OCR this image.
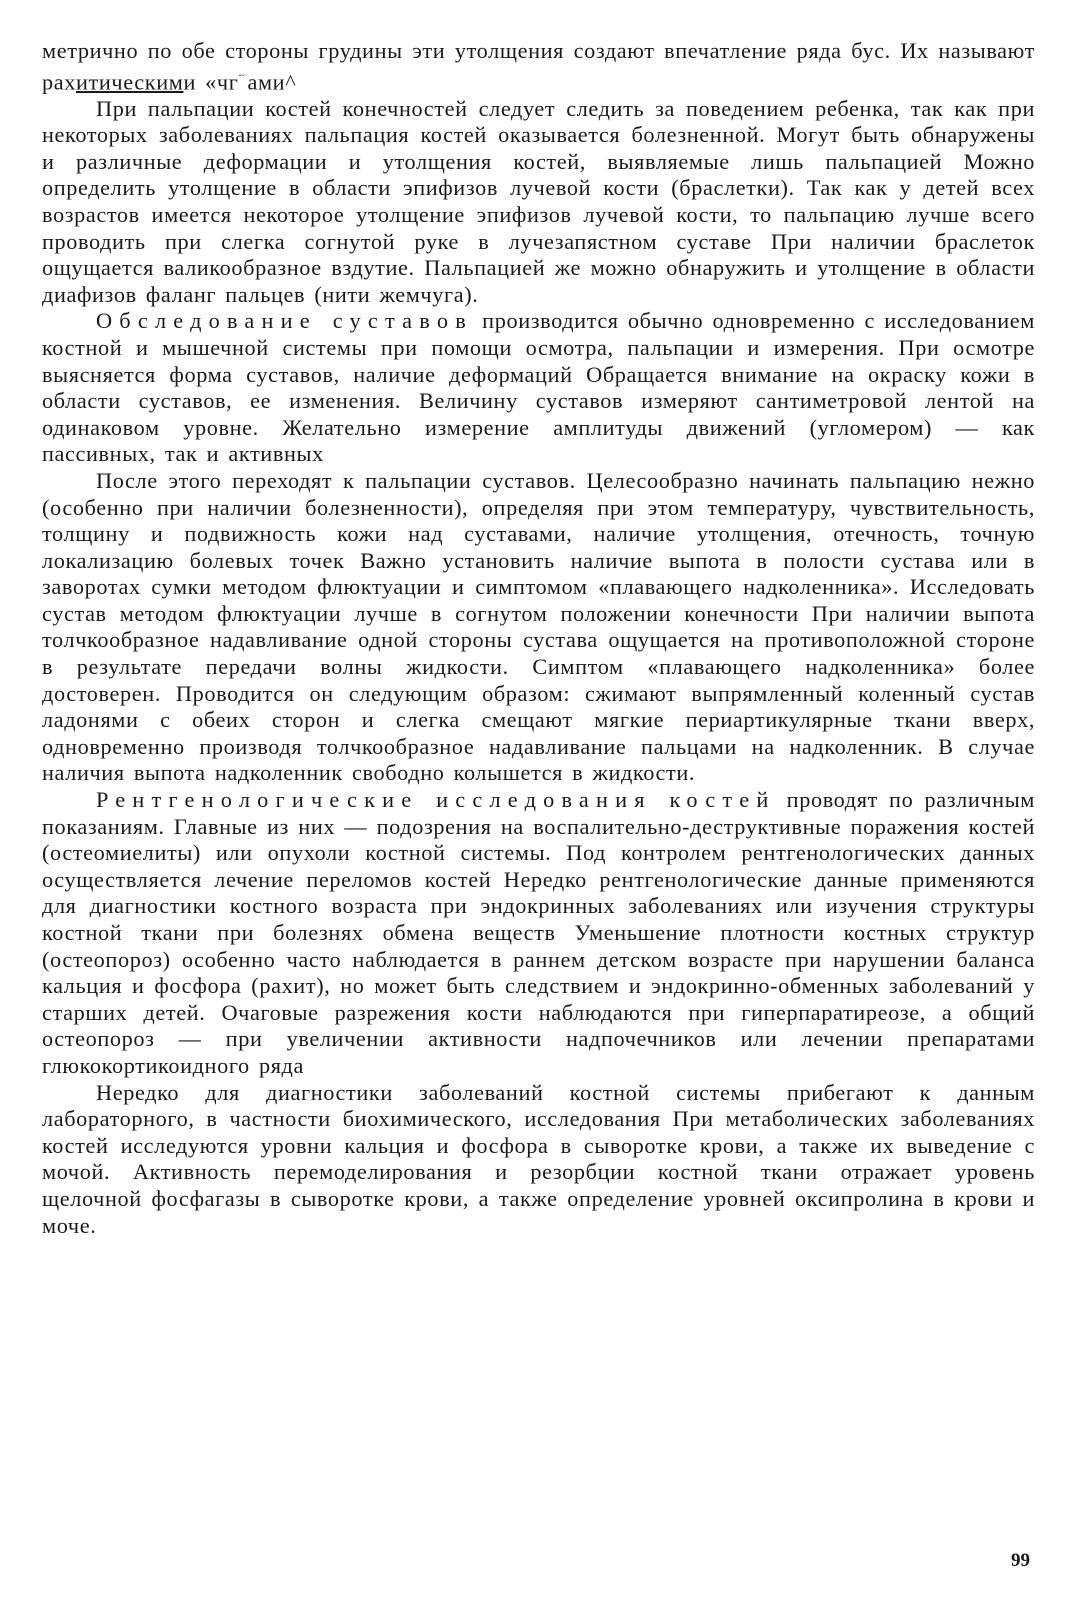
метрично по обе стороны грудины эти утолщения создают впечатление ряда бус. Их называют рахитическими «$чг^{ˇ˘˙}ами\^{}$

При пальпации костей конечностей следует следить за поведением ребенка, так как при некоторых заболеваниях пальпация костей оказывается болезненной. Могут быть обнаружены и различные деформации и утолщения костей, выявляемые лишь пальпацией Можно определить утолщение в области эпифизов лучевой кости (браслетки). Так как у детей всех возрастов имеется некоторое утолщение эпифизов лучевой кости, то пальпацию лучше всего проводить при слегка согнутой руке в лучезапястном суставе При наличии браслеток ощущается валикообразное вздутие. Пальпацией же можно обнаружить и утолщение в области диафизов фаланг пальцев (нити жемчуга).

Обследование суставов производится обычно одновременно с исследованием костной и мышечной системы при помощи осмотра, пальпации и измерения. При осмотре выясняется форма суставов, наличие деформаций Обращается внимание на окраску кожи в области суставов, ее изменения. Величину суставов измеряют сантиметровой лентой на одинаковом уровне. Желательно измерение амплитуды движений (угломером) — как пассивных, так и активных

После этого переходят к пальпации суставов. Целесообразно начинать пальпацию нежно (особенно при наличии болезненности), определяя при этом температуру, чувствительность, толщину и подвижность кожи над суставами, наличие утолщения, отечность, точную локализацию болевых точек Важно установить наличие выпота в полости сустава или в заворотах сумки методом флюктуации и симптомом «плавающего надколенника». Исследовать сустав методом флюктуации лучше в согнутом положении конечности При наличии выпота толчкообразное надавливание одной стороны сустава ощущается на противоположной стороне в результате передачи волны жидкости. Симптом «плавающего надколенника» более достоверен. Проводится он следующим образом: сжимают выпрямленный коленный сустав ладонями с обеих сторон и слегка смещают мягкие периартикулярные ткани вверх, одновременно производя толчкообразное надавливание пальцами на надколенник. В случае наличия выпота надколенник свободно колышется в жидкости.

Рентгенологические исследования костей проводят по различным показаниям. Главные из них — подозрения на воспалительно-деструктивные поражения костей (остеомиелиты) или опухоли костной системы. Под контролем рентгенологических данных осуществляется лечение переломов костей Нередко рентгенологические данные применяются для диагностики костного возраста при эндокринных заболеваниях или изучения структуры костной ткани при болезнях обмена веществ Уменьшение плотности костных структур (остеопороз) особенно часто наблюдается в раннем детском возрасте при нарушении баланса кальция и фосфора (рахит), но может быть следствием и эндокринно-обменных заболеваний у старших детей. Очаговые разрежения кости наблюдаются при гиперпаратиреозе, а общий остеопороз — при увеличении активности надпочечников или лечении препаратами глюкокортикоидного ряда

Нередко для диагностики заболеваний костной системы прибегают к данным лабораторного, в частности биохимического, исследования При метаболических заболеваниях костей исследуются уровни кальция и фосфора в сыворотке крови, а также их выведение с мочой. Активность перемоделирования и резорбции костной ткани отражает уровень щелочной фосфагазы в сыворотке крови, а также определение уровней оксипролина в крови и моче.

99
